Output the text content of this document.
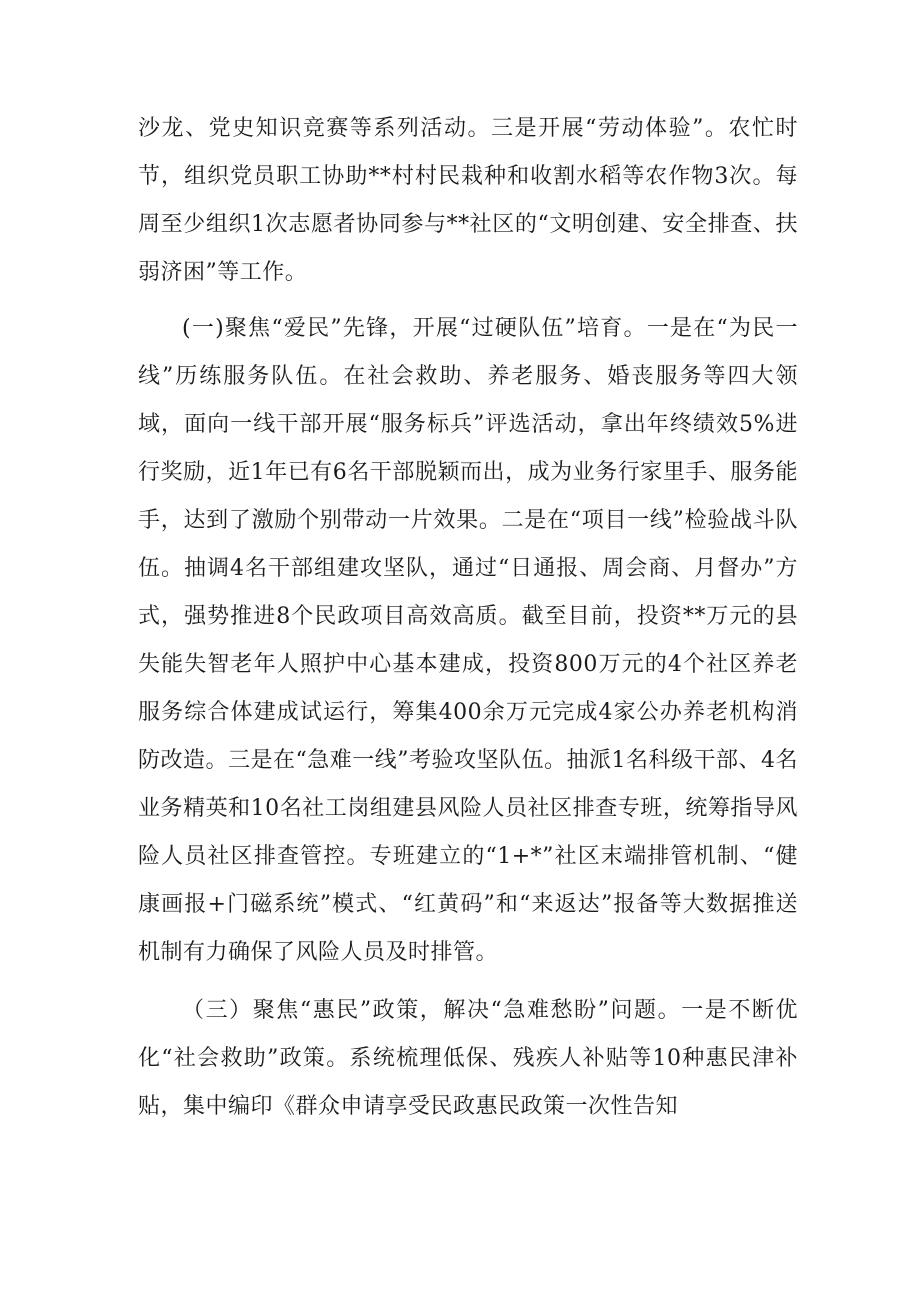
沙龙、党史知识竞赛等系列活动。三是开展“劳动体验”。农忙时节，组织党员职工协助**村村民栽种和收割水稻等农作物3次。每周至少组织1次志愿者协同参与**社区的“文明创建、安全排查、扶弱济困”等工作。

(一)聚焦“爱民”先锋，开展“过硬队伍”培育。一是在“为民一线”历练服务队伍。在社会救助、养老服务、婚丧服务等四大领域，面向一线干部开展“服务标兵”评选活动，拿出年终绩效5%进行奖励，近1年已有6名干部脱颖而出，成为业务行家里手、服务能手，达到了激励个别带动一片效果。二是在“项目一线”检验战斗队伍。抽调4名干部组建攻坚队，通过“日通报、周会商、月督办”方式，强势推进8个民政项目高效高质。截至目前，投资**万元的县失能失智老年人照护中心基本建成，投资800万元的4个社区养老服务综合体建成试运行，筹集400余万元完成4家公办养老机构消防改造。三是在“急难一线”考验攻坚队伍。抽派1名科级干部、4名业务精英和10名社工岗组建县风险人员社区排查专班，统筹指导风险人员社区排查管控。专班建立的“1+*”社区末端排管机制、“健康画报+门磁系统”模式、“红黄码”和“来返达”报备等大数据推送机制有力确保了风险人员及时排管。

（三）聚焦“惠民”政策，解决“急难愁盼”问题。一是不断优化“社会救助”政策。系统梳理低保、残疾人补贴等10种惠民津补贴，集中编印《群众申请享受民政惠民政策一次性告知
